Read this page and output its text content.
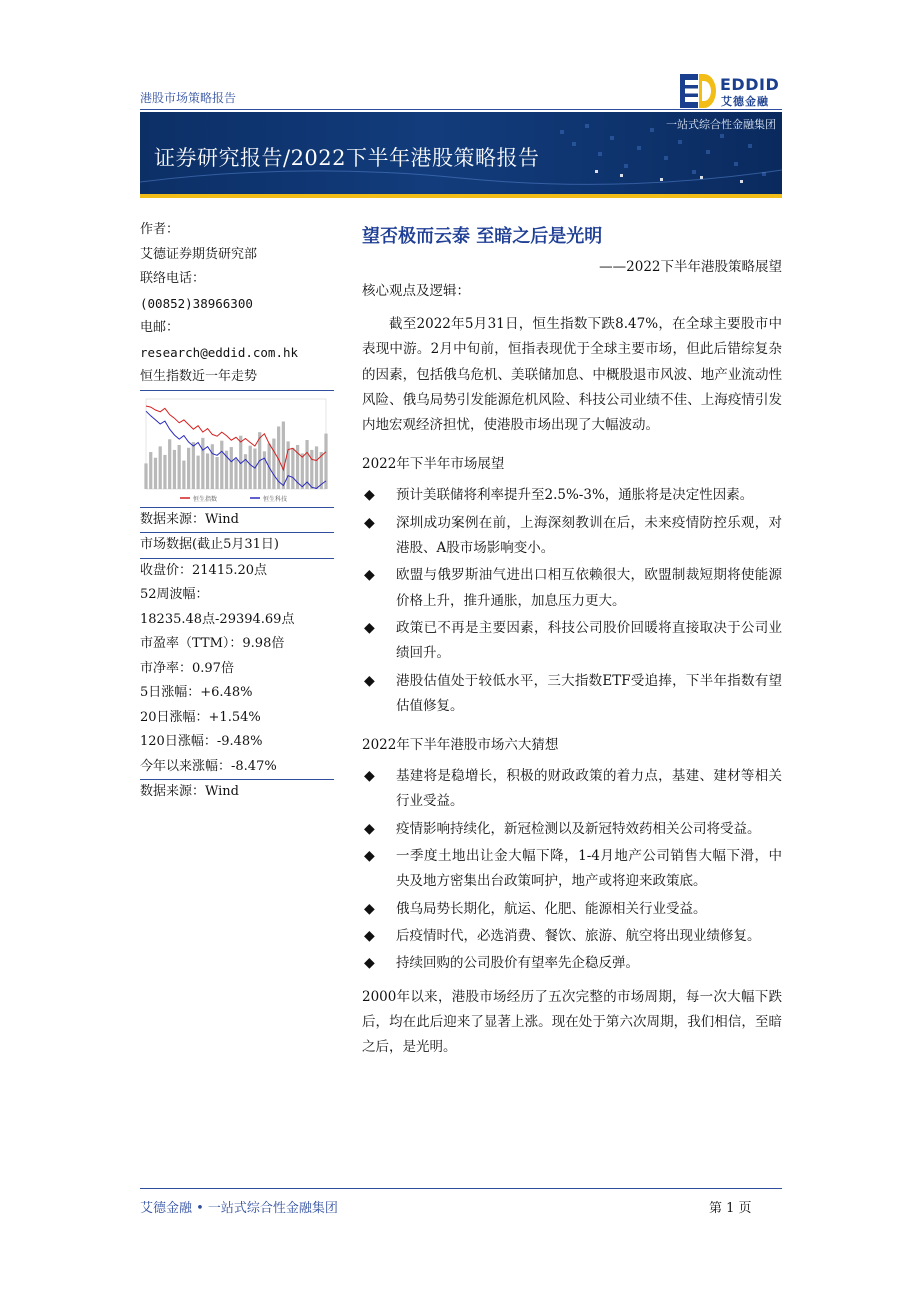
港股市场策略报告
EDDID
艾德金融
一站式综合性金融集团
证券研究报告/2022下半年港股策略报告
作者：
艾德证券期货研究部
联络电话：
(00852)38966300
电邮：
research@eddid.com.hk
恒生指数近一年走势
恒生指数	恒生科技
数据来源：Wind
市场数据(截止5月31日)
收盘价：21415.20点
52周波幅：
18235.48点-29394.69点
市盈率（TTM）：9.98倍
市净率：0.97倍
5日涨幅：+6.48%
20日涨幅：+1.54%
120日涨幅：-9.48%
今年以来涨幅：-8.47%
数据来源：Wind
望否极而云泰 至暗之后是光明
——2022下半年港股策略展望
核心观点及逻辑：

截至2022年5月31日，恒生指数下跌8.47%，在全球主要股市中表现中游。2月中旬前，恒指表现优于全球主要市场，但此后错综复杂的因素，包括俄乌危机、美联储加息、中概股退市风波、地产业流动性风险、俄乌局势引发能源危机风险、科技公司业绩不佳、上海疫情引发内地宏观经济担忧，使港股市场出现了大幅波动。

2022年下半年市场展望
◆ 预计美联储将利率提升至2.5%-3%，通胀将是决定性因素。
◆ 深圳成功案例在前，上海深刻教训在后，未来疫情防控乐观，对港股、A股市场影响变小。
◆ 欧盟与俄罗斯油气进出口相互依赖很大，欧盟制裁短期将使能源价格上升，推升通胀，加息压力更大。
◆ 政策已不再是主要因素，科技公司股价回暖将直接取决于公司业绩回升。
◆ 港股估值处于较低水平，三大指数ETF受追捧，下半年指数有望估值修复。
2022年下半年港股市场六大猜想
◆ 基建将是稳增长，积极的财政政策的着力点，基建、建材等相关行业受益。
◆ 疫情影响持续化，新冠检测以及新冠特效药相关公司将受益。
◆ 一季度土地出让金大幅下降，1-4月地产公司销售大幅下滑，中央及地方密集出台政策呵护，地产或将迎来政策底。
◆ 俄乌局势长期化，航运、化肥、能源相关行业受益。
◆ 后疫情时代，必选消费、餐饮、旅游、航空将出现业绩修复。
◆ 持续回购的公司股价有望率先企稳反弹。

2000年以来，港股市场经历了五次完整的市场周期，每一次大幅下跌后，均在此后迎来了显著上涨。现在处于第六次周期，我们相信，至暗之后，是光明。

艾德金融 • 一站式综合性金融集团	第 1 页
